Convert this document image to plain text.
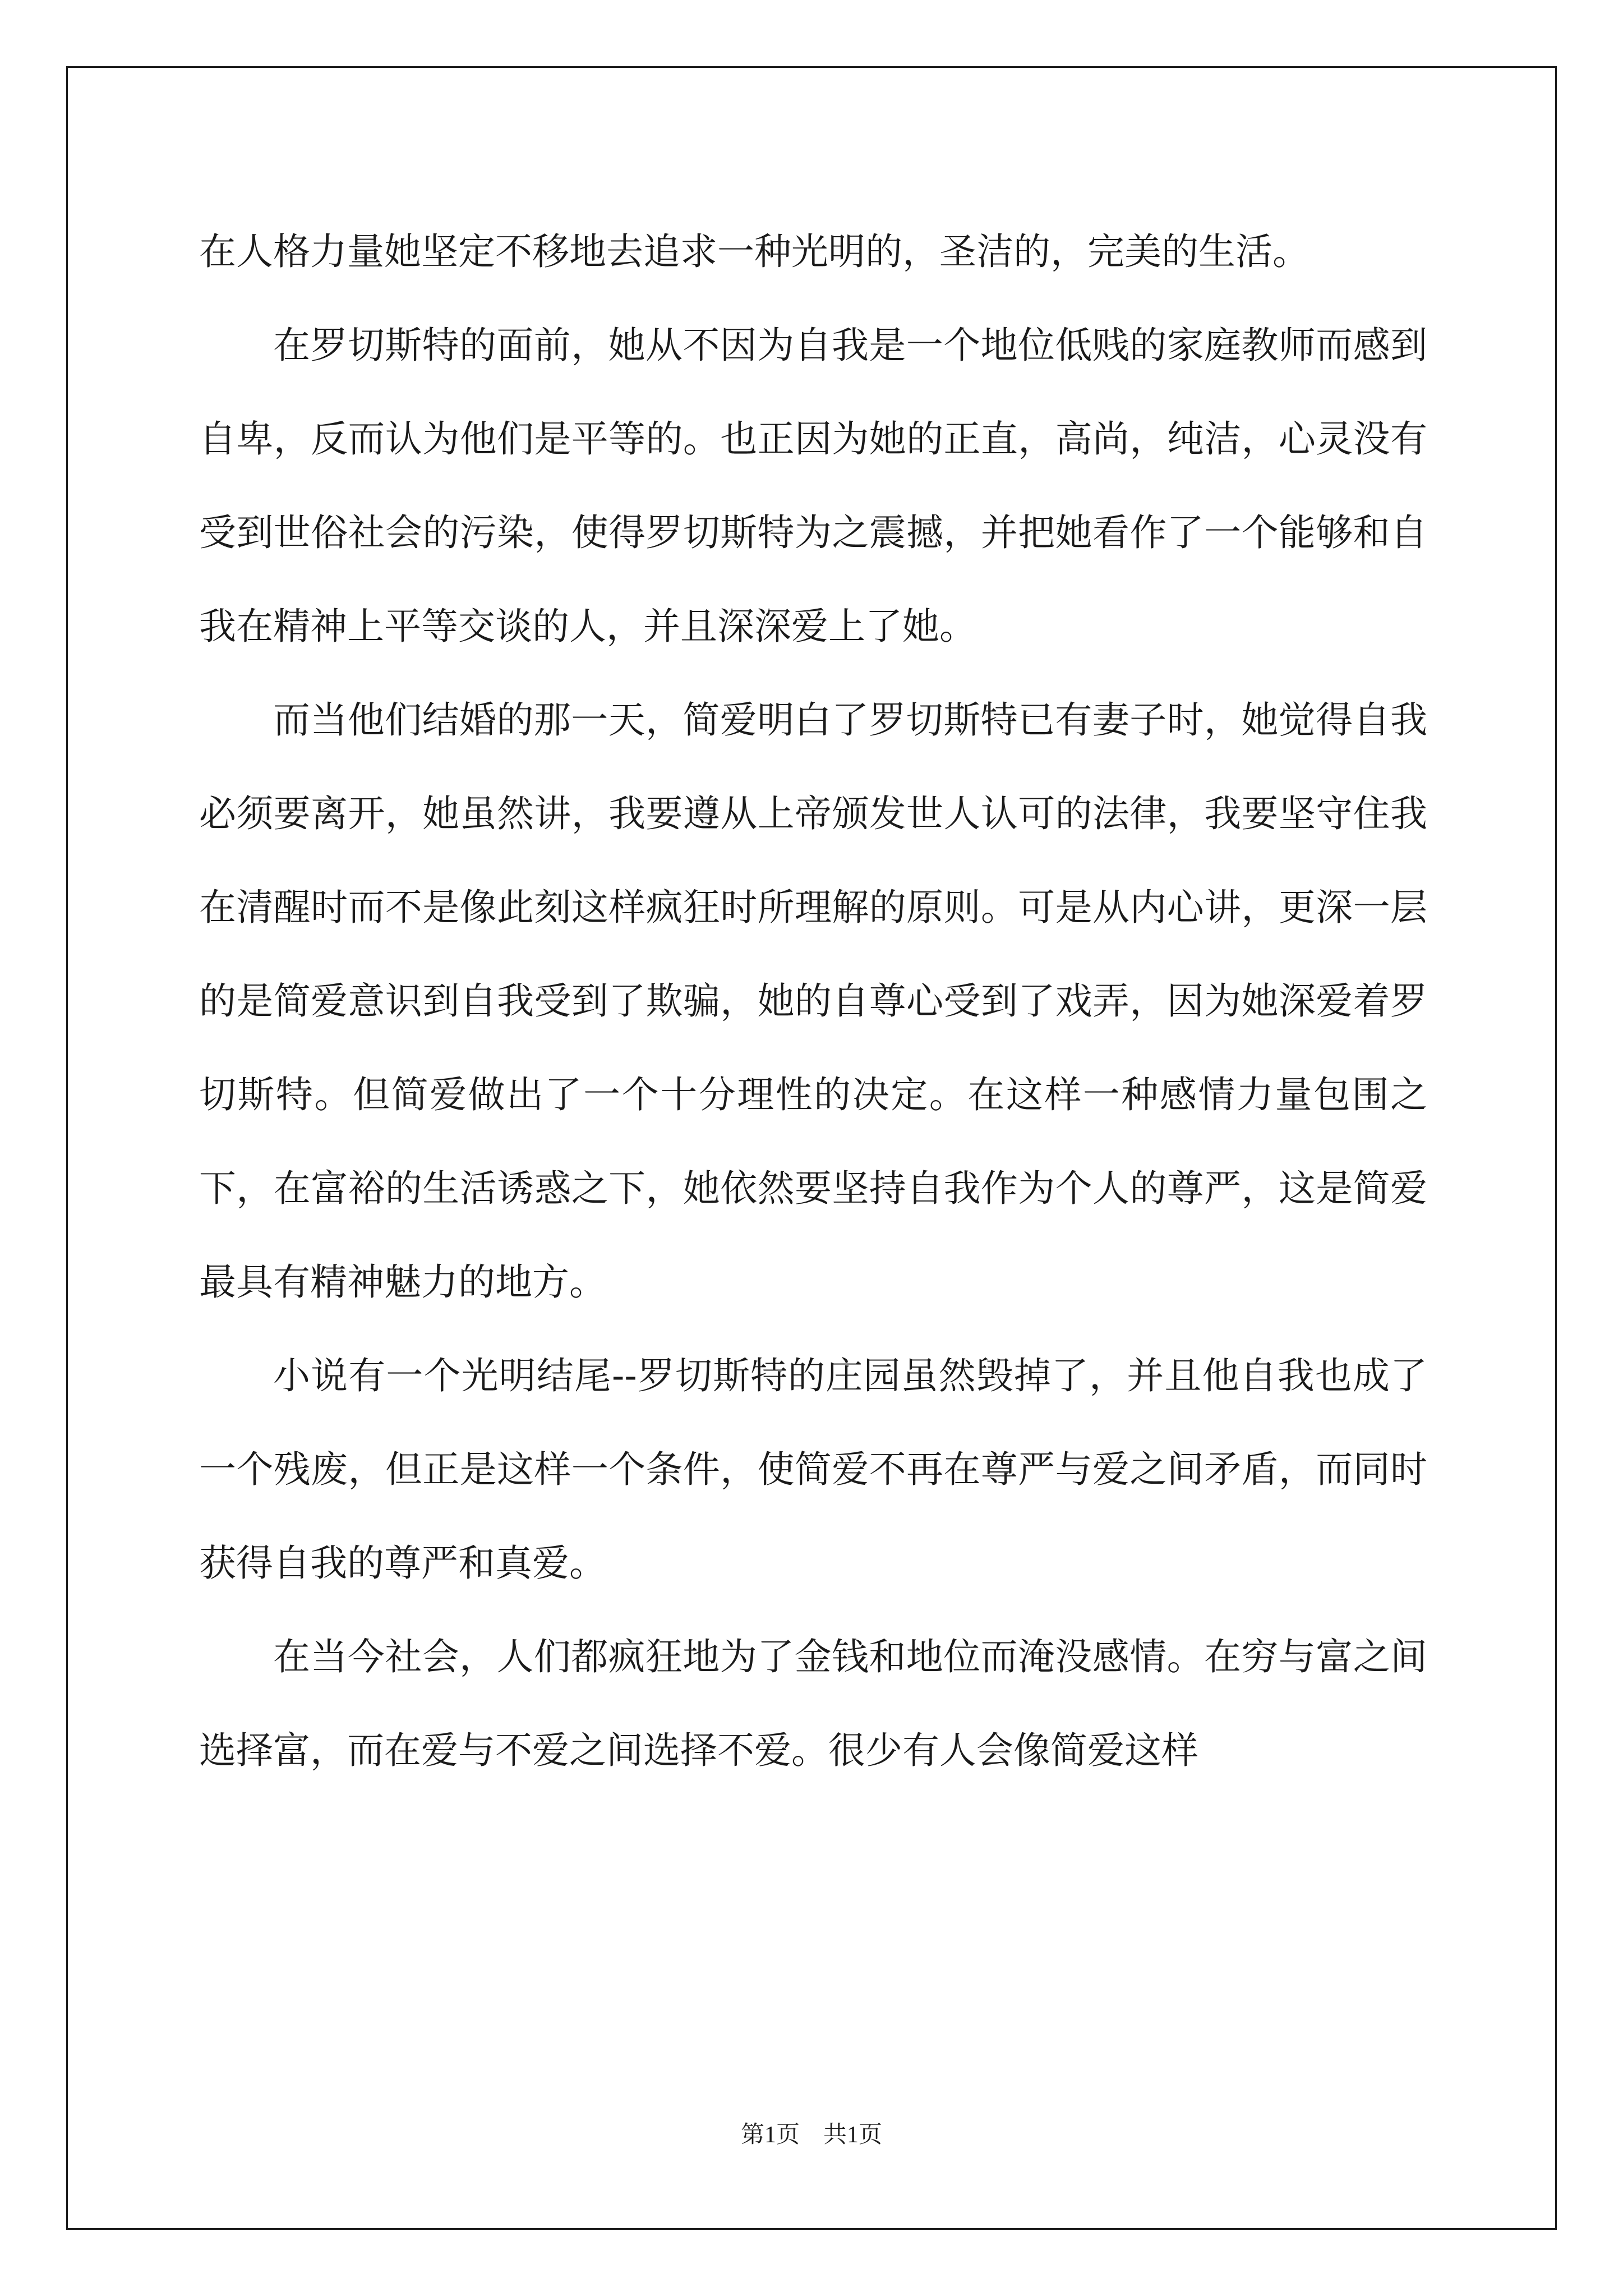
在人格力量她坚定不移地去追求一种光明的，圣洁的，完美的生活。

在罗切斯特的面前，她从不因为自我是一个地位低贱的家庭教师而感到自卑，反而认为他们是平等的。也正因为她的正直，高尚，纯洁，心灵没有受到世俗社会的污染，使得罗切斯特为之震撼，并把她看作了一个能够和自我在精神上平等交谈的人，并且深深爱上了她。

而当他们结婚的那一天，简爱明白了罗切斯特已有妻子时，她觉得自我必须要离开，她虽然讲，我要遵从上帝颁发世人认可的法律，我要坚守住我在清醒时而不是像此刻这样疯狂时所理解的原则。可是从内心讲，更深一层的是简爱意识到自我受到了欺骗，她的自尊心受到了戏弄，因为她深爱着罗切斯特。但简爱做出了一个十分理性的决定。在这样一种感情力量包围之下，在富裕的生活诱惑之下，她依然要坚持自我作为个人的尊严，这是简爱最具有精神魅力的地方。

小说有一个光明结尾--罗切斯特的庄园虽然毁掉了，并且他自我也成了一个残废，但正是这样一个条件，使简爱不再在尊严与爱之间矛盾，而同时获得自我的尊严和真爱。

在当今社会，人们都疯狂地为了金钱和地位而淹没感情。在穷与富之间选择富，而在爱与不爱之间选择不爱。很少有人会像简爱这样

第1页　共1页
